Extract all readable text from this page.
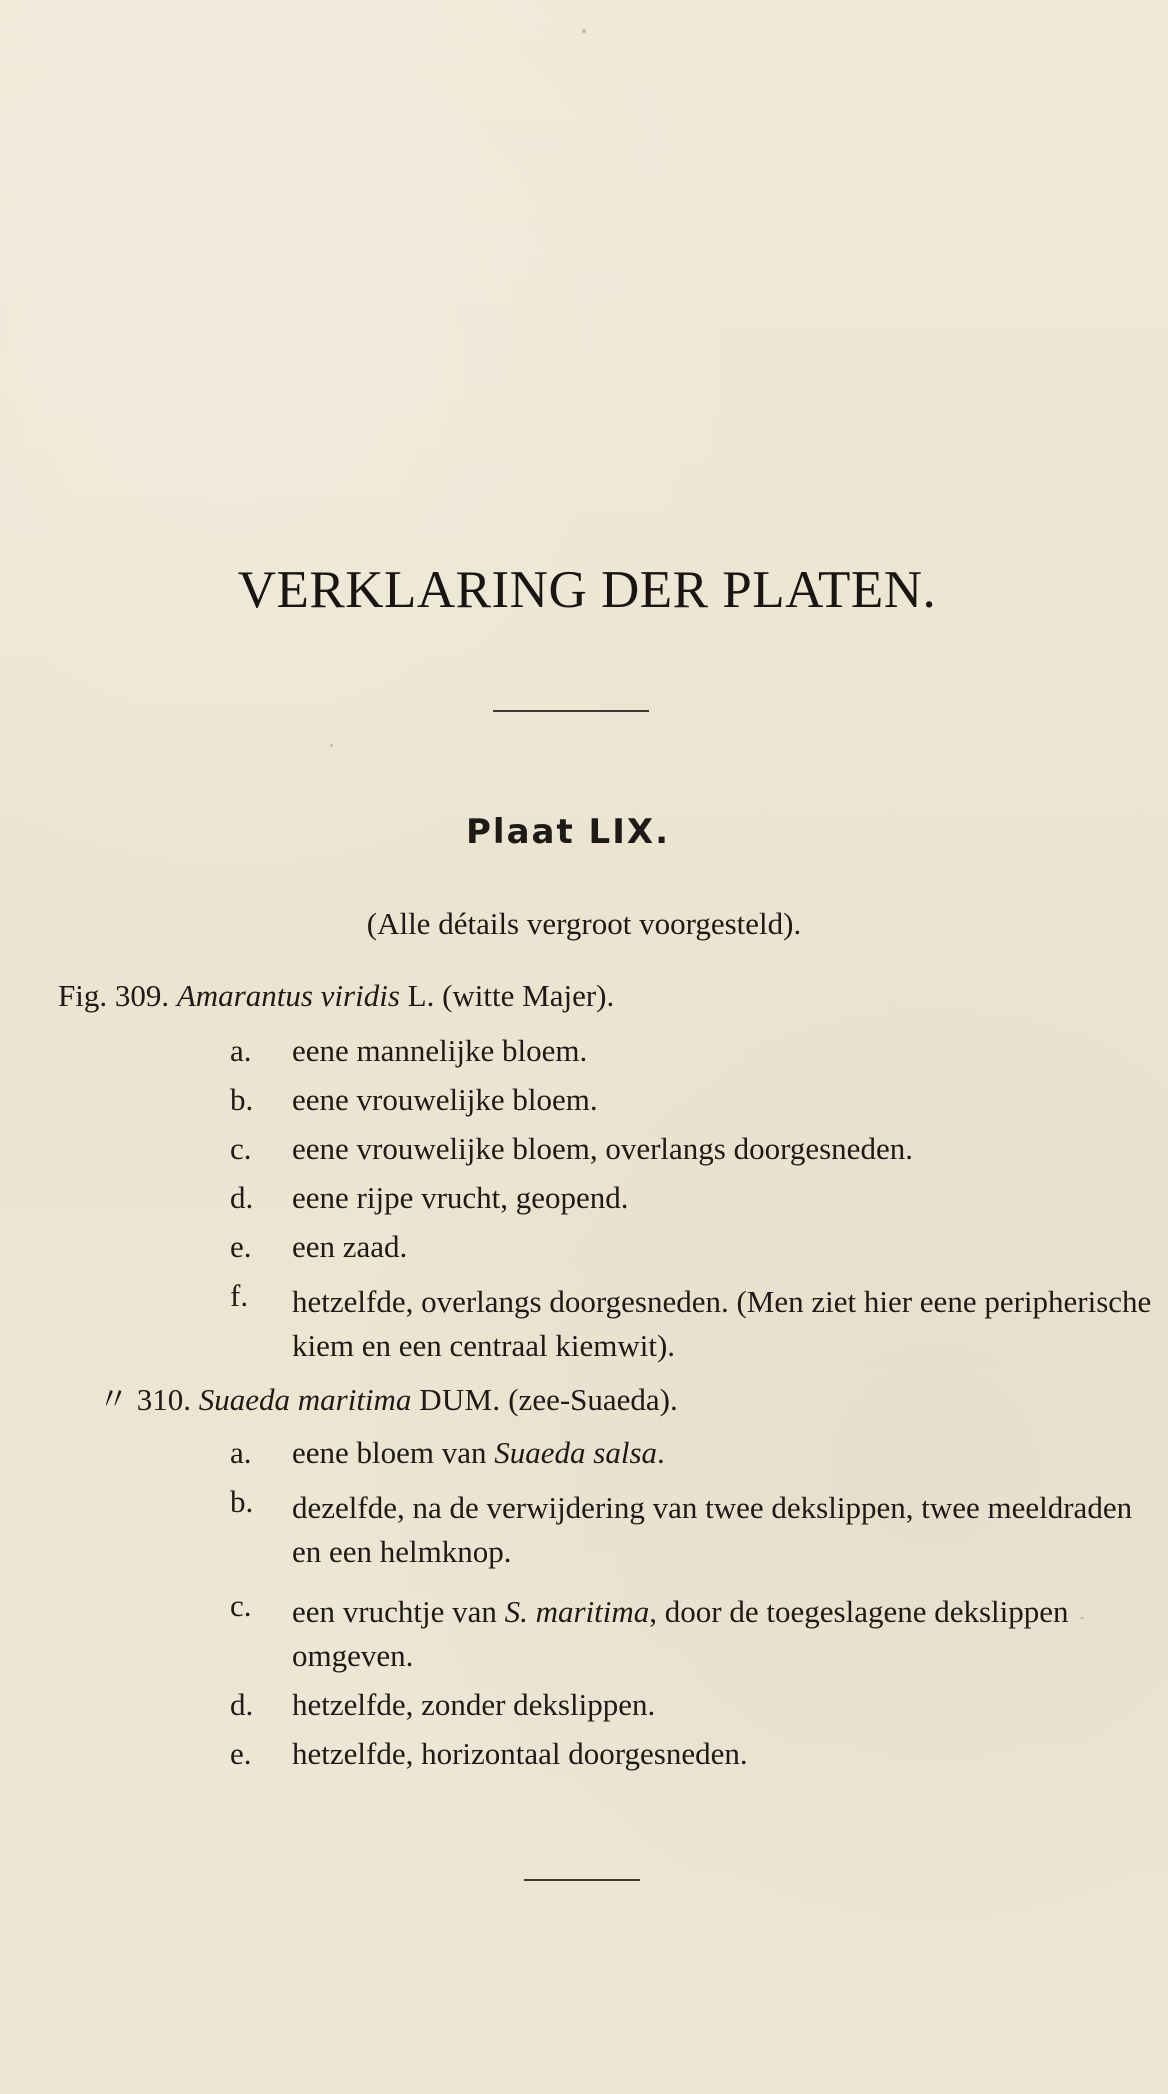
VERKLARING DER PLATEN.
Plaat LIX.

(Alle détails vergroot voorgesteld).

Fig. 309. Amarantus viridis L. (witte Majer).
a.	eene mannelijke bloem.
b.	eene vrouwelijke bloem.
c.	eene vrouwelijke bloem, overlangs doorgesneden.
d.	eene rijpe vrucht, geopend.
e.	een zaad.
f.	hetzelfde, overlangs doorgesneden. (Men ziet hier eene peripherische kiem en een centraal kiemwit).
〃 310. Suaeda maritima DUM. (zee-Suaeda).
a.	eene bloem van Suaeda salsa.
b.	dezelfde, na de verwijdering van twee dekslippen, twee meeldraden en een helmknop.
c.	een vruchtje van S. maritima, door de toegeslagene dekslippen omgeven.
d.	hetzelfde, zonder dekslippen.
e.	hetzelfde, horizontaal doorgesneden.
